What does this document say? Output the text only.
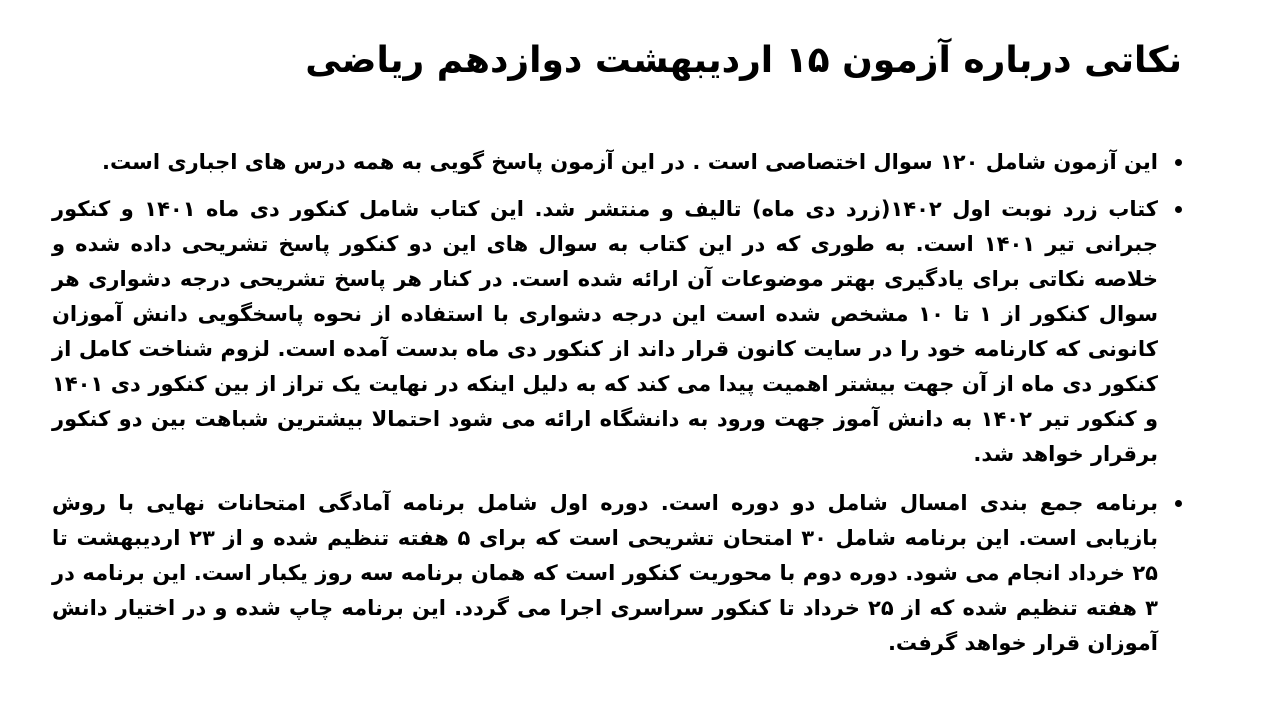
نکاتی درباره آزمون ۱۵ اردیبهشت دوازدهم ریاضی
این آزمون شامل ۱۲۰ سوال اختصاصی است . در این آزمون پاسخ گویی به همه درس های اجباری است.
کتاب زرد نوبت اول ۱۴۰۲(زرد دی ماه) تالیف و منتشر شد. این کتاب شامل کنکور دی ماه ۱۴۰۱ و کنکور جبرانی تیر ۱۴۰۱ است. به طوری که در این کتاب به سوال های این دو کنکور پاسخ تشریحی داده شده و خلاصه نکاتی برای یادگیری بهتر موضوعات آن ارائه شده است. در کنار هر پاسخ تشریحی درجه دشواری هر سوال کنکور از ۱ تا ۱۰ مشخص شده است این درجه دشواری با استفاده از نحوه پاسخگویی دانش آموزان کانونی که کارنامه خود را در سایت کانون قرار داند از کنکور دی ماه بدست آمده است. لزوم شناخت کامل از کنکور دی ماه از آن جهت بیشتر اهمیت پیدا می کند که به دلیل اینکه در نهایت یک تراز از بین کنکور دی ۱۴۰۱ و کنکور تیر ۱۴۰۲ به دانش آموز جهت ورود به دانشگاه ارائه می شود احتمالا بیشترین شباهت بین دو کنکور برقرار خواهد شد.
برنامه جمع بندی امسال شامل دو دوره است. دوره اول شامل برنامه آمادگی امتحانات نهایی با روش بازیابی است. این برنامه شامل ۳۰ امتحان تشریحی است که برای ۵ هفته تنظیم شده و از ۲۳ اردیبهشت تا ۲۵ خرداد انجام می شود. دوره دوم با محوریت کنکور است که همان برنامه سه روز یکبار است. این برنامه در ۳ هفته تنظیم شده که از ۲۵ خرداد تا کنکور سراسری اجرا می گردد. این برنامه چاپ شده و در اختیار دانش آموزان قرار خواهد گرفت.
